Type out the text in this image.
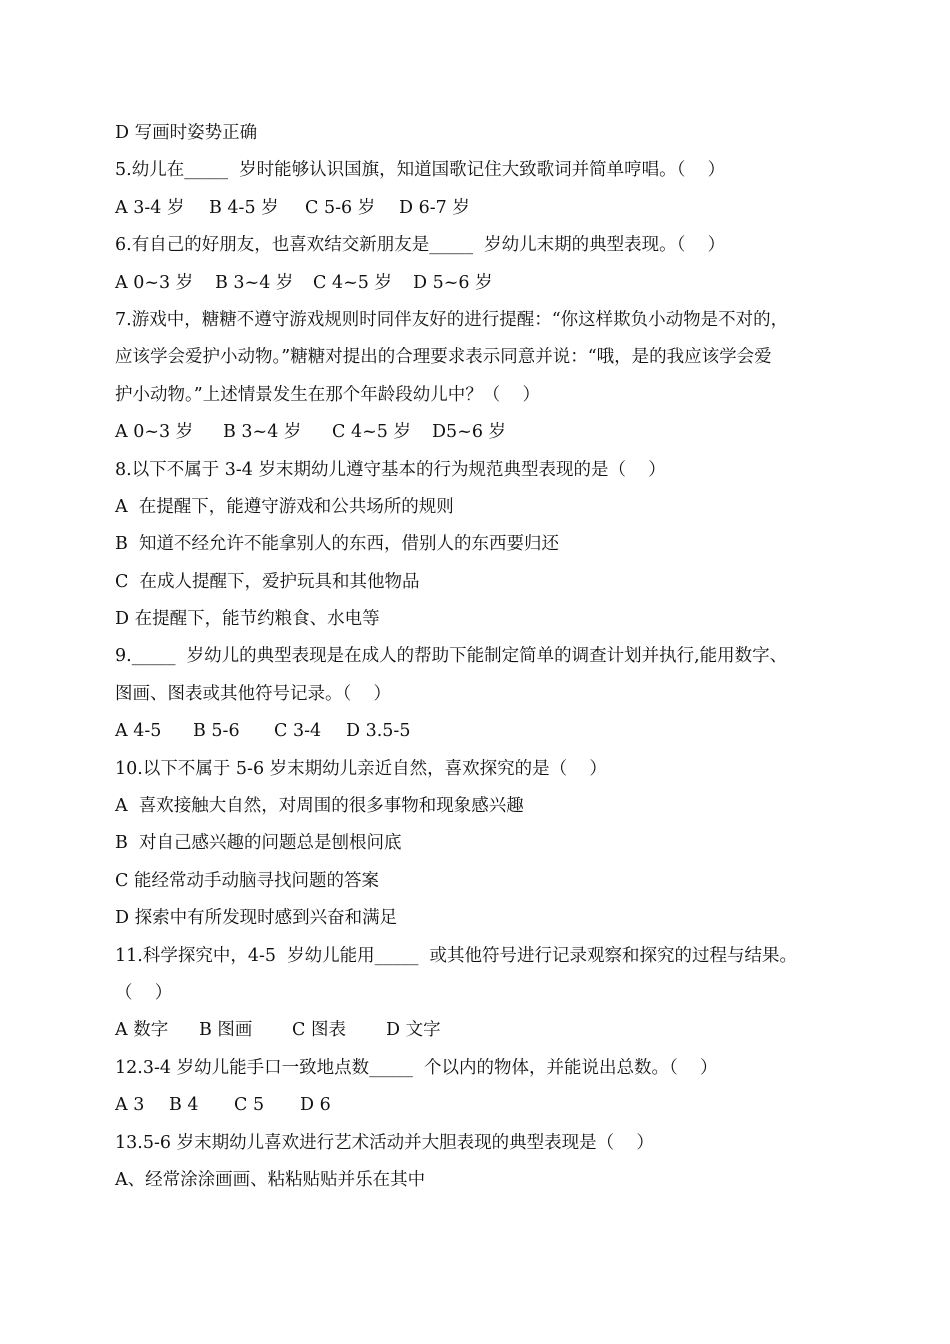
D 写画时姿势正确
5.幼儿在_____  岁时能够认识国旗，知道国歌记住大致歌词并简单哼唱。（    ）
A 3-4 岁	B 4-5 岁	C 5-6 岁	D 6-7 岁
6.有自己的好朋友，也喜欢结交新朋友是_____  岁幼儿末期的典型表现。（    ）
A 0~3 岁	B 3~4 岁	C 4~5 岁	D 5~6 岁
7.游戏中，糖糖不遵守游戏规则时同伴友好的进行提醒：“你这样欺负小动物是不对的，
应该学会爱护小动物。”糖糖对提出的合理要求表示同意并说：“哦，是的我应该学会爱
护小动物。”上述情景发生在那个年龄段幼儿中？（    ）
A 0~3 岁	B 3~4 岁	C 4~5 岁	D5~6 岁
8.以下不属于 3-4 岁末期幼儿遵守基本的行为规范典型表现的是（    ）
A  在提醒下，能遵守游戏和公共场所的规则
B  知道不经允许不能拿别人的东西，借别人的东西要归还
C  在成人提醒下，爱护玩具和其他物品
D 在提醒下，能节约粮食、水电等
9._____  岁幼儿的典型表现是在成人的帮助下能制定简单的调查计划并执行,能用数字、
图画、图表或其他符号记录。（    ）
A 4-5	B 5-6	C 3-4	D 3.5-5
10.以下不属于 5-6 岁末期幼儿亲近自然，喜欢探究的是（    ）
A  喜欢接触大自然，对周围的很多事物和现象感兴趣
B  对自己感兴趣的问题总是刨根问底
C 能经常动手动脑寻找问题的答案
D 探索中有所发现时感到兴奋和满足
11.科学探究中，4-5  岁幼儿能用_____  或其他符号进行记录观察和探究的过程与结果。
（    ）
A 数字	B 图画	C 图表	D 文字
12.3-4 岁幼儿能手口一致地点数_____  个以内的物体，并能说出总数。（    ）
A 3	B 4	C 5	D 6
13.5-6 岁末期幼儿喜欢进行艺术活动并大胆表现的典型表现是（    ）
A、经常涂涂画画、粘粘贴贴并乐在其中
